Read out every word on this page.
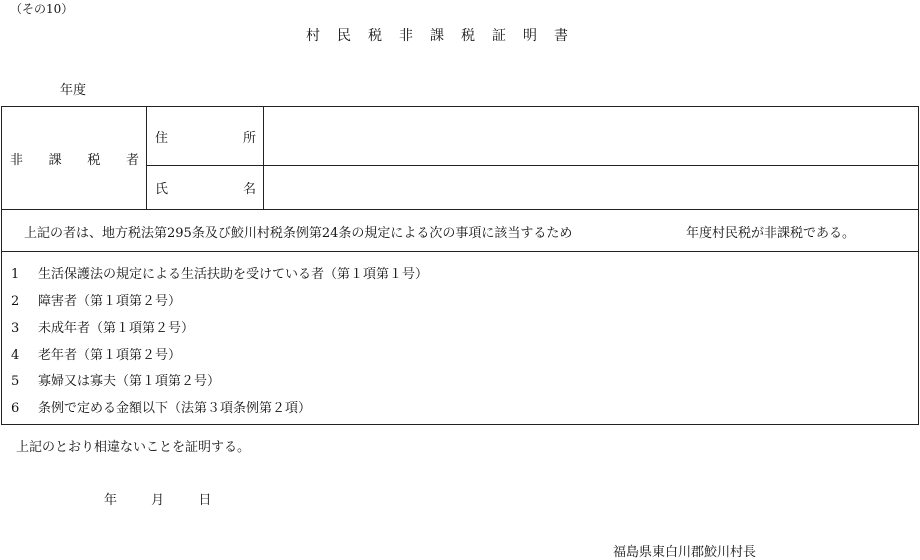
（その10）
村民税非課税証明書
年度
非 課 税 者
住	所
氏	名
上記の者は、地方税法第295条及び鮫川村税条例第24条の規定による次の事項に該当するため	年度村民税が非課税である。
1 生活保護法の規定による生活扶助を受けている者（第１項第１号）
2 障害者（第１項第２号）
3 未成年者（第１項第２号）
4 老年者（第１項第２号）
5 寡婦又は寡夫（第１項第２号）
6 条例で定める金額以下（法第３項条例第２項）
上記のとおり相違ないことを証明する。
年	月	日
福島県東白川郡鮫川村長
